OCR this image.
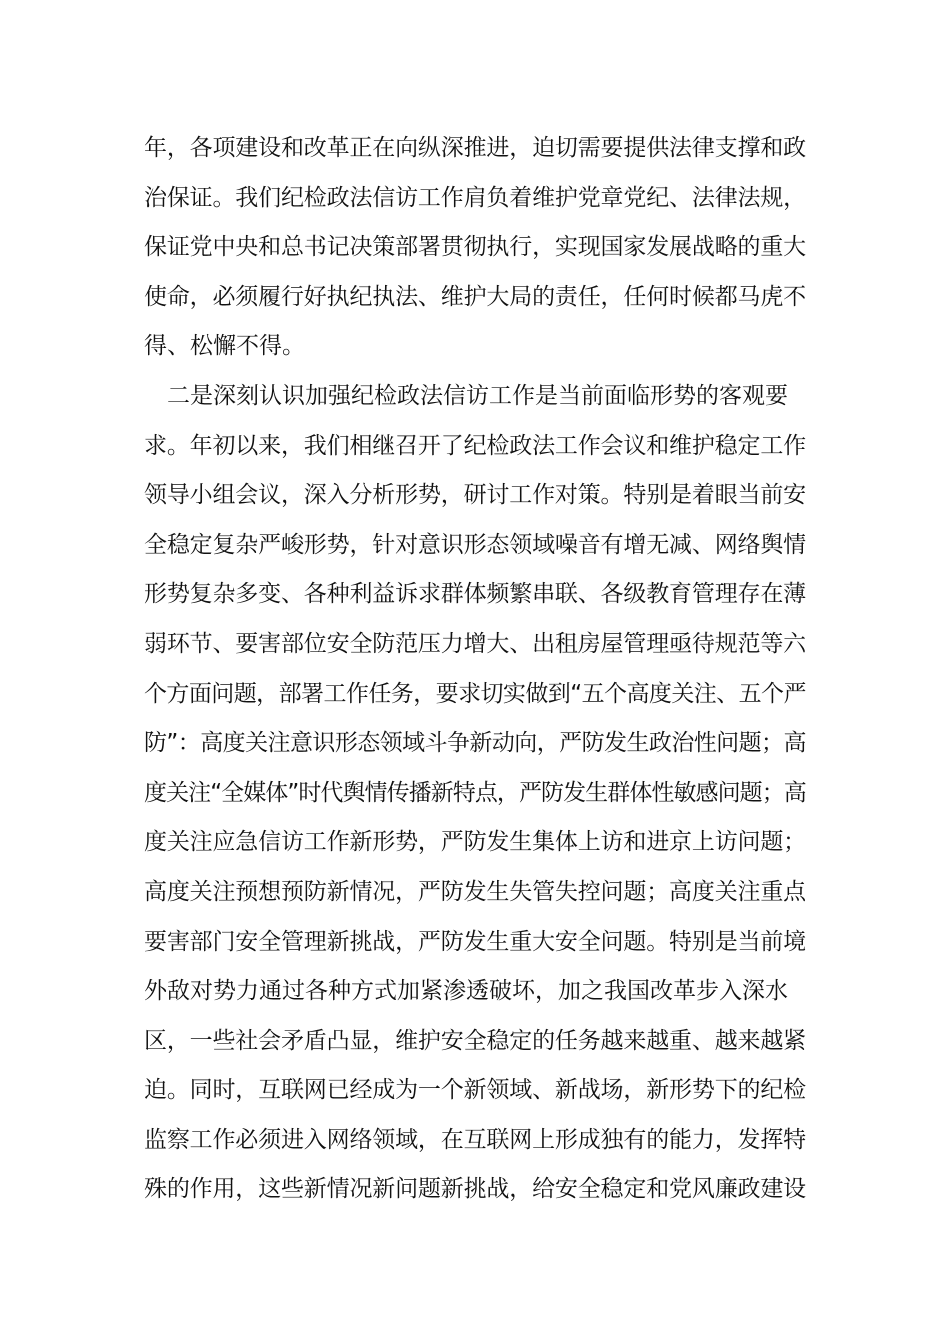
年，各项建设和改革正在向纵深推进，迫切需要提供法律支撑和政
治保证。我们纪检政法信访工作肩负着维护党章党纪、法律法规，
保证党中央和总书记决策部署贯彻执行，实现国家发展战略的重大
使命，必须履行好执纪执法、维护大局的责任，任何时候都马虎不
得、松懈不得。
　二是深刻认识加强纪检政法信访工作是当前面临形势的客观要
求。年初以来，我们相继召开了纪检政法工作会议和维护稳定工作
领导小组会议，深入分析形势，研讨工作对策。特别是着眼当前安
全稳定复杂严峻形势，针对意识形态领域噪音有增无减、网络舆情
形势复杂多变、各种利益诉求群体频繁串联、各级教育管理存在薄
弱环节、要害部位安全防范压力增大、出租房屋管理亟待规范等六
个方面问题，部署工作任务，要求切实做到“五个高度关注、五个严
防”：高度关注意识形态领域斗争新动向，严防发生政治性问题；高
度关注“全媒体”时代舆情传播新特点，严防发生群体性敏感问题；高
度关注应急信访工作新形势，严防发生集体上访和进京上访问题；
高度关注预想预防新情况，严防发生失管失控问题；高度关注重点
要害部门安全管理新挑战，严防发生重大安全问题。特别是当前境
外敌对势力通过各种方式加紧渗透破坏，加之我国改革步入深水
区，一些社会矛盾凸显，维护安全稳定的任务越来越重、越来越紧
迫。同时，互联网已经成为一个新领域、新战场，新形势下的纪检
监察工作必须进入网络领域，在互联网上形成独有的能力，发挥特
殊的作用，这些新情况新问题新挑战，给安全稳定和党风廉政建设
